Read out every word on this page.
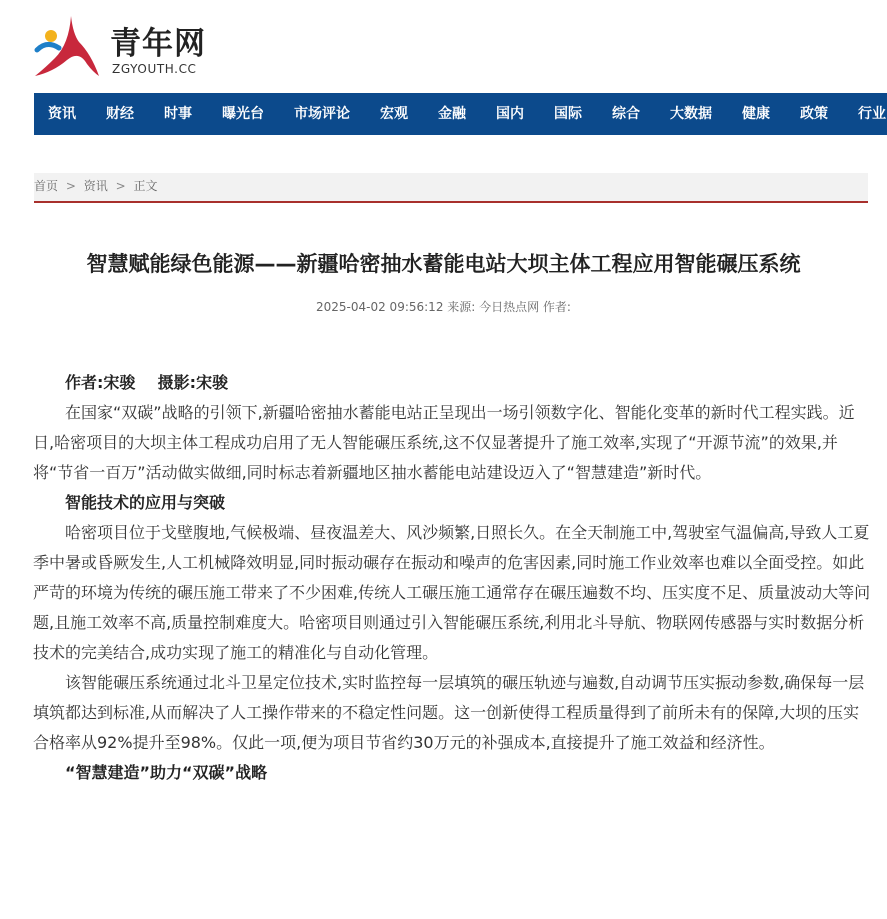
青年网
ZGYOUTH.CC
资讯 财经 时事 曝光台 市场评论 宏观 金融 国内 国际 综合 大数据 健康 政策 行业
首页 > 资讯 > 正文
智慧赋能绿色能源——新疆哈密抽水蓄能电站大坝主体工程应用智能碾压系统
2025-04-02 09:56:12 来源: 今日热点网 作者:

作者:宋骏    摄影:宋骏

在国家“双碳”战略的引领下,新疆哈密抽水蓄能电站正呈现出一场引领数字化、智能化变革的新时代工程实践。近日,哈密项目的大坝主体工程成功启用了无人智能碾压系统,这不仅显著提升了施工效率,实现了“开源节流”的效果,并将“节省一百万”活动做实做细,同时标志着新疆地区抽水蓄能电站建设迈入了“智慧建造”新时代。

智能技术的应用与突破

哈密项目位于戈壁腹地,气候极端、昼夜温差大、风沙频繁,日照长久。在全天制施工中,驾驶室气温偏高,导致人工夏季中暑或昏厥发生,人工机械降效明显,同时振动碾存在振动和噪声的危害因素,同时施工作业效率也难以全面受控。如此严苛的环境为传统的碾压施工带来了不少困难,传统人工碾压施工通常存在碾压遍数不均、压实度不足、质量波动大等问题,且施工效率不高,质量控制难度大。哈密项目则通过引入智能碾压系统,利用北斗导航、物联网传感器与实时数据分析技术的完美结合,成功实现了施工的精准化与自动化管理。

该智能碾压系统通过北斗卫星定位技术,实时监控每一层填筑的碾压轨迹与遍数,自动调节压实振动参数,确保每一层填筑都达到标准,从而解决了人工操作带来的不稳定性问题。这一创新使得工程质量得到了前所未有的保障,大坝的压实合格率从92%提升至98%。仅此一项,便为项目节省约30万元的补强成本,直接提升了施工效益和经济性。

“智慧建造”助力“双碳”战略
